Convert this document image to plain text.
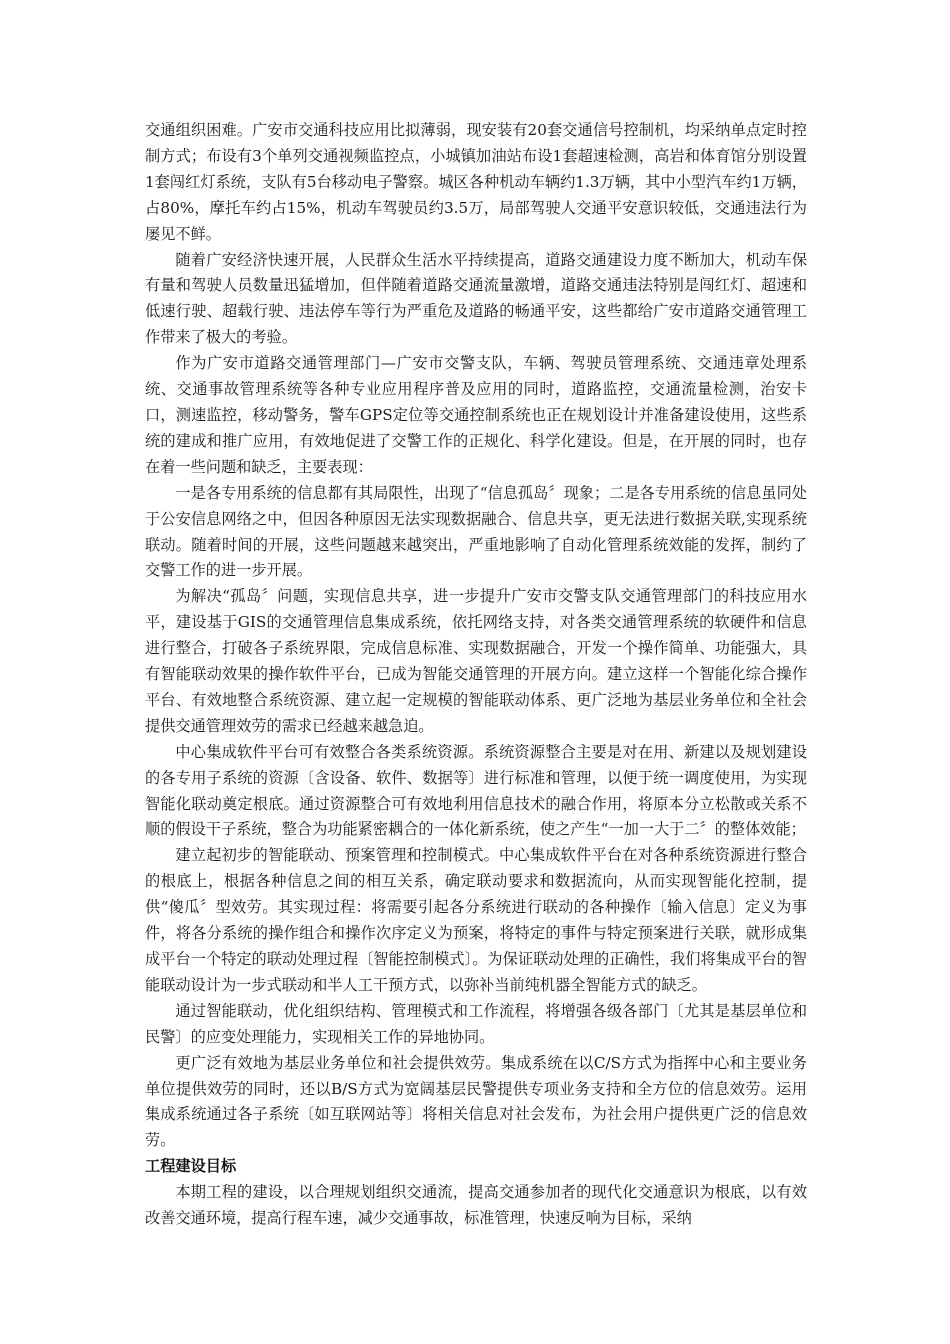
交通组织困难。广安市交通科技应用比拟薄弱，现安装有20套交通信号控制机，均采纳单点定时控制方式；布设有3个单列交通视频监控点，小城镇加油站布设1套超速检测，高岩和体育馆分别设置1套闯红灯系统，支队有5台移动电子警察。城区各种机动车辆约1.3万辆，其中小型汽车约1万辆，占80%，摩托车约占15%，机动车驾驶员约3.5万，局部驾驶人交通平安意识较低，交通违法行为屡见不鲜。

随着广安经济快速开展，人民群众生活水平持续提高，道路交通建设力度不断加大，机动车保有量和驾驶人员数量迅猛增加，但伴随着道路交通流量激增，道路交通违法特别是闯红灯、超速和低速行驶、超载行驶、违法停车等行为严重危及道路的畅通平安，这些都给广安市道路交通管理工作带来了极大的考验。

作为广安市道路交通管理部门—广安市交警支队，车辆、驾驶员管理系统、交通违章处理系统、交通事故管理系统等各种专业应用程序普及应用的同时，道路监控，交通流量检测，治安卡口，测速监控，移动警务，警车GPS定位等交通控制系统也正在规划设计并准备建设使用，这些系统的建成和推广应用，有效地促进了交警工作的正规化、科学化建设。但是，在开展的同时，也存在着一些问题和缺乏，主要表现：

一是各专用系统的信息都有其局限性，出现了“信息孤岛〞现象；二是各专用系统的信息虽同处于公安信息网络之中，但因各种原因无法实现数据融合、信息共享，更无法进行数据关联,实现系统联动。随着时间的开展，这些问题越来越突出，严重地影响了自动化管理系统效能的发挥，制约了交警工作的进一步开展。

为解决“孤岛〞问题，实现信息共享，进一步提升广安市交警支队交通管理部门的科技应用水平，建设基于GIS的交通管理信息集成系统，依托网络支持，对各类交通管理系统的软硬件和信息进行整合，打破各子系统界限，完成信息标准、实现数据融合，开发一个操作简单、功能强大，具有智能联动效果的操作软件平台，已成为智能交通管理的开展方向。建立这样一个智能化综合操作平台、有效地整合系统资源、建立起一定规模的智能联动体系、更广泛地为基层业务单位和全社会提供交通管理效劳的需求已经越来越急迫。

中心集成软件平台可有效整合各类系统资源。系统资源整合主要是对在用、新建以及规划建设的各专用子系统的资源〔含设备、软件、数据等〕进行标准和管理，以便于统一调度使用，为实现智能化联动奠定根底。通过资源整合可有效地利用信息技术的融合作用，将原本分立松散或关系不顺的假设干子系统，整合为功能紧密耦合的一体化新系统，使之产生“一加一大于二〞的整体效能；

建立起初步的智能联动、预案管理和控制模式。中心集成软件平台在对各种系统资源进行整合的根底上，根据各种信息之间的相互关系，确定联动要求和数据流向，从而实现智能化控制，提供“傻瓜〞型效劳。其实现过程：将需要引起各分系统进行联动的各种操作〔输入信息〕定义为事件，将各分系统的操作组合和操作次序定义为预案，将特定的事件与特定预案进行关联，就形成集成平台一个特定的联动处理过程〔智能控制模式〕。为保证联动处理的正确性，我们将集成平台的智能联动设计为一步式联动和半人工干预方式，以弥补当前纯机器全智能方式的缺乏。

通过智能联动，优化组织结构、管理模式和工作流程，将增强各级各部门〔尤其是基层单位和民警〕的应变处理能力，实现相关工作的异地协同。

更广泛有效地为基层业务单位和社会提供效劳。集成系统在以C/S方式为指挥中心和主要业务单位提供效劳的同时，还以B/S方式为宽阔基层民警提供专项业务支持和全方位的信息效劳。运用集成系统通过各子系统〔如互联网站等〕将相关信息对社会发布，为社会用户提供更广泛的信息效劳。

工程建设目标

本期工程的建设，以合理规划组织交通流，提高交通参加者的现代化交通意识为根底，以有效改善交通环境，提高行程车速，减少交通事故，标准管理，快速反响为目标，采纳
